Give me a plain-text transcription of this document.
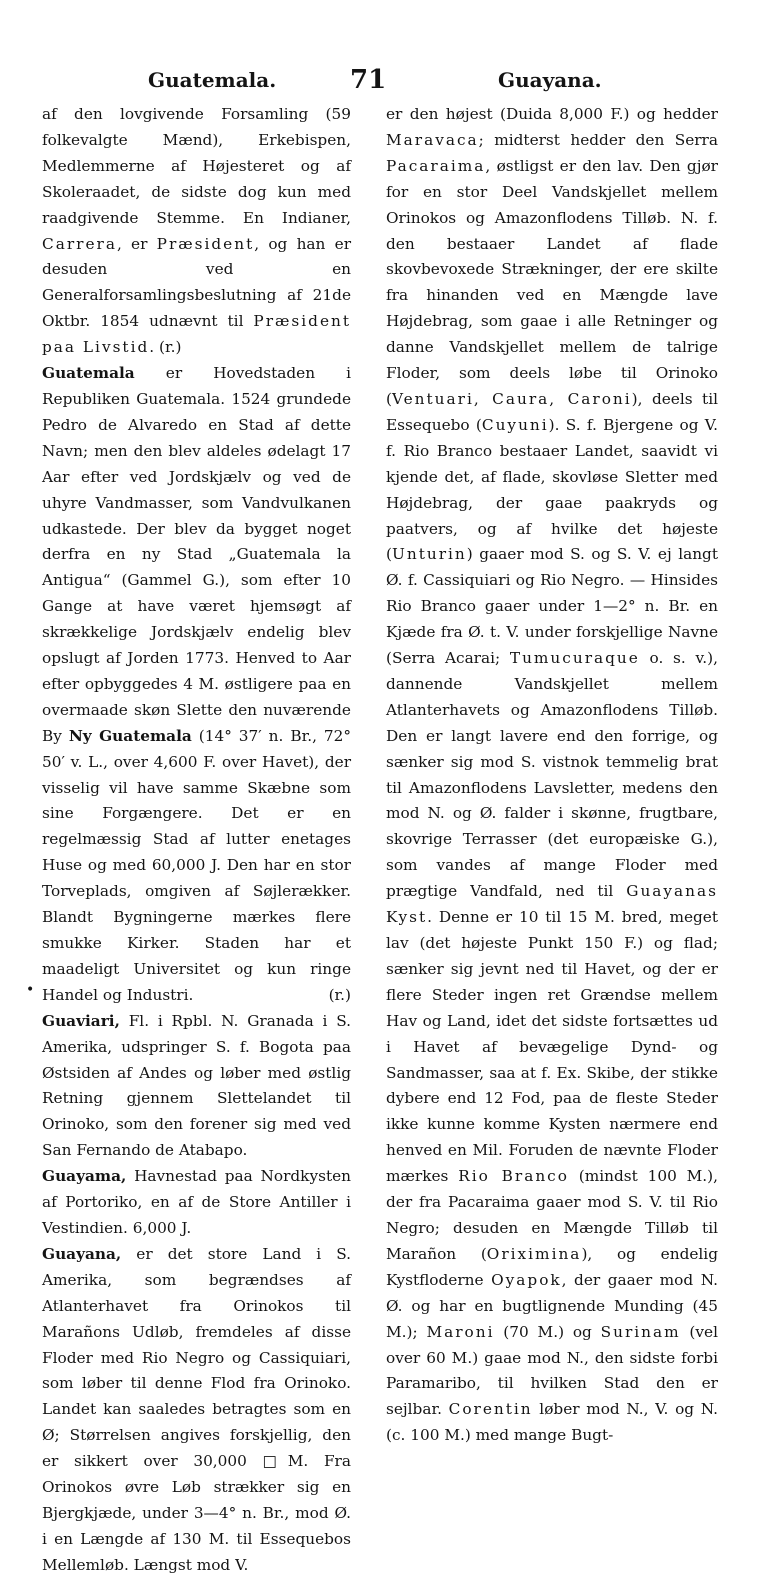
Guatemala.	71	Guayana.
•

af den lovgivende Forsamling (59 folkevalgte Mænd), Erkebispen, Medlemmerne af Højesteret og af Skoleraadet, de sidste dog kun med raadgivende Stemme. En Indianer, Carrera, er Præsident, og han er desuden ved en Generalforsamlingsbeslutning af 21de Oktbr. 1854 udnævnt til Præsident paa Livstid. (r.)

Guatemala er Hovedstaden i Republiken Guatemala. 1524 grundede Pedro de Alvaredo en Stad af dette Navn; men den blev aldeles ødelagt 17 Aar efter ved Jordskjælv og ved de uhyre Vandmasser, som Vandvulkanen udkastede. Der blev da bygget noget derfra en ny Stad „Guatemala la Antigua“ (Gammel G.), som efter 10 Gange at have været hjemsøgt af skrækkelige Jordskjælv endelig blev opslugt af Jorden 1773. Henved to Aar efter opbyggedes 4 M. østligere paa en overmaade skøn Slette den nuværende By Ny Guatemala (14° 37′ n. Br., 72° 50′ v. L., over 4,600 F. over Havet), der visselig vil have samme Skæbne som sine Forgængere. Det er en regelmæssig Stad af lutter enetages Huse og med 60,000 J. Den har en stor Torveplads, omgiven af Søjlerækker. Blandt Bygningerne mærkes flere smukke Kirker. Staden har et maadeligt Universitet og kun ringe Handel og Industri.	(r.)

Guaviari, Fl. i Rpbl. N. Granada i S. Amerika, udspringer S. f. Bogota paa Østsiden af Andes og løber med østlig Retning gjennem Slettelandet til Orinoko, som den forener sig med ved San Fernando de Atabapo.

Guayama, Havnestad paa Nordkysten af Portoriko, en af de Store Antiller i Vestindien. 6,000 J.

Guayana, er det store Land i S. Amerika, som begrændses af Atlanterhavet fra Orinokos til Marañons Udløb, fremdeles af disse Floder med Rio Negro og Cassiquiari, som løber til denne Flod fra Orinoko. Landet kan saaledes betragtes som en Ø; Størrelsen angives forskjellig, den er sikkert over 30,000 □M. Fra Orinokos øvre Løb strækker sig en Bjergkjæde, under 3—4° n. Br., mod Ø. i en Længde af 130 M. til Essequebos Mellemløb. Længst mod V.

er den højest (Duida 8,000 F.) og hedder Maravaca; midterst hedder den Serra Pacaraima, østligst er den lav. Den gjør for en stor Deel Vandskjellet mellem Orinokos og Amazonflodens Tilløb. N. f. den bestaaer Landet af flade skovbevoxede Strækninger, der ere skilte fra hinanden ved en Mængde lave Højdebrag, som gaae i alle Retninger og danne Vandskjellet mellem de talrige Floder, som deels løbe til Orinoko (Ventuari, Caura, Caroni), deels til Essequebo (Cuyuni). S. f. Bjergene og V. f. Rio Branco bestaaer Landet, saavidt vi kjende det, af flade, skovløse Sletter med Højdebrag, der gaae paakryds og paatvers, og af hvilke det højeste (Unturin) gaaer mod S. og S. V. ej langt Ø. f. Cassiquiari og Rio Negro. — Hinsides Rio Branco gaaer under 1—2° n. Br. en Kjæde fra Ø. t. V. under forskjellige Navne (Serra Acarai; Tumucuraque o. s. v.), dannende Vandskjellet mellem Atlanterhavets og Amazonflodens Tilløb. Den er langt lavere end den forrige, og sænker sig mod S. vistnok temmelig brat til Amazonflodens Lavsletter, medens den mod N. og Ø. falder i skønne, frugtbare, skovrige Terrasser (det europæiske G.), som vandes af mange Floder med prægtige Vandfald, ned til Guayanas Kyst. Denne er 10 til 15 M. bred, meget lav (det højeste Punkt 150 F.) og flad; sænker sig jevnt ned til Havet, og der er flere Steder ingen ret Grændse mellem Hav og Land, idet det sidste fortsættes ud i Havet af bevægelige Dynd- og Sandmasser, saa at f. Ex. Skibe, der stikke dybere end 12 Fod, paa de fleste Steder ikke kunne komme Kysten nærmere end henved en Mil. Foruden de nævnte Floder mærkes Rio Branco (mindst 100 M.), der fra Pacaraima gaaer mod S. V. til Rio Negro; desuden en Mængde Tilløb til Marañon (Oriximina), og endelig Kystfloderne Oyapok, der gaaer mod N. Ø. og har en bugtlignende Munding (45 M.); Maroni (70 M.) og Surinam (vel over 60 M.) gaae mod N., den sidste forbi Paramaribo, til hvilken Stad den er sejlbar. Corentin løber mod N., V. og N. (c. 100 M.) med mange Bugt-
